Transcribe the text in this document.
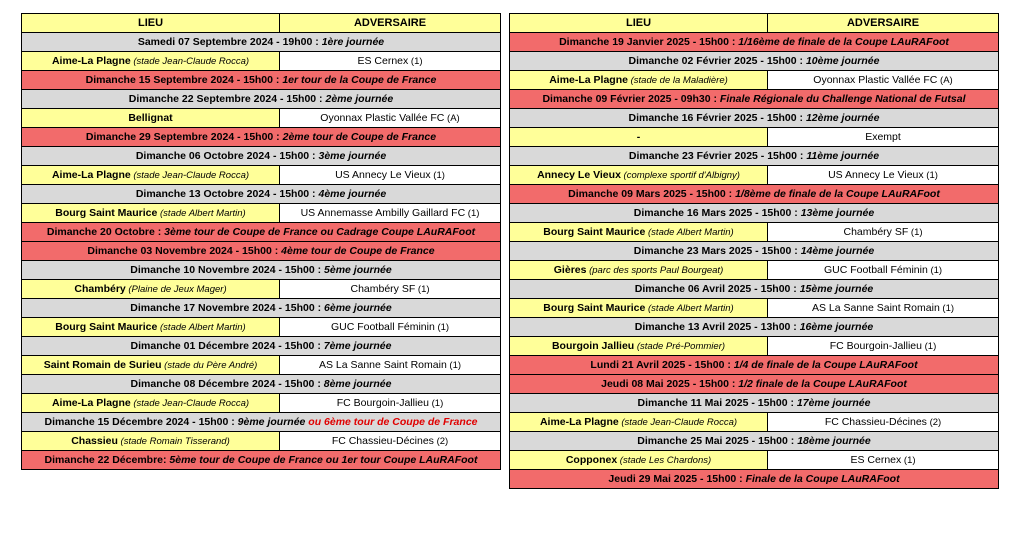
LIEU	ADVERSAIRE
Samedi 07 Septembre 2024 - 19h00 : 1ère journée	
Aime-La Plagne (stade Jean-Claude Rocca)	ES Cernex (1)
Dimanche 15 Septembre 2024 - 15h00 : 1er tour de la Coupe de France	
Dimanche 22 Septembre 2024 - 15h00 : 2ème journée	
Bellignat	Oyonnax Plastic Vallée FC (A)
Dimanche 29 Septembre 2024 - 15h00 : 2ème tour de Coupe de France	
Dimanche 06 Octobre 2024 - 15h00 : 3ème journée	
Aime-La Plagne (stade Jean-Claude Rocca)	US Annecy Le Vieux (1)
Dimanche 13 Octobre 2024 - 15h00 : 4ème journée	
Bourg Saint Maurice (stade Albert Martin)	US Annemasse Ambilly Gaillard FC (1)
Dimanche 20 Octobre : 3ème tour de Coupe de France ou Cadrage Coupe LAuRAFoot	
Dimanche 03 Novembre 2024 - 15h00 : 4ème tour de Coupe de France	
Dimanche 10 Novembre 2024 - 15h00 : 5ème journée	
Chambéry (Plaine de Jeux Mager)	Chambéry SF (1)
Dimanche 17 Novembre 2024 - 15h00 : 6ème journée	
Bourg Saint Maurice (stade Albert Martin)	GUC Football Féminin (1)
Dimanche 01 Décembre 2024 - 15h00 : 7ème journée	
Saint Romain de Surieu (stade du Père André)	AS La Sanne Saint Romain (1)
Dimanche 08 Décembre 2024 - 15h00 : 8ème journée	
Aime-La Plagne (stade Jean-Claude Rocca)	FC Bourgoin-Jallieu (1)
Dimanche 15 Décembre 2024 - 15h00 : 9ème journée ou 6ème tour de Coupe de France	
Chassieu (stade Romain Tisserand)	FC Chassieu-Décines (2)
Dimanche 22 Décembre: 5ème tour de Coupe de France ou 1er tour Coupe LAuRAFoot	
LIEU	ADVERSAIRE
Dimanche 19 Janvier 2025 - 15h00 : 1/16ème de finale de la Coupe LAuRAFoot	
Dimanche 02 Février 2025 - 15h00 : 10ème journée	
Aime-La Plagne (stade de la Maladière)	Oyonnax Plastic Vallée FC (A)
Dimanche 09 Février 2025 - 09h30 : Finale Régionale du Challenge National de Futsal	
Dimanche 16 Février 2025 - 15h00 : 12ème journée	
-	Exempt
Dimanche 23 Février 2025 - 15h00 : 11ème journée	
Annecy Le Vieux (complexe sportif d'Albigny)	US Annecy Le Vieux (1)
Dimanche 09 Mars 2025 - 15h00 : 1/8ème de finale de la Coupe LAuRAFoot	
Dimanche 16 Mars 2025 - 15h00 : 13ème journée	
Bourg Saint Maurice (stade Albert Martin)	Chambéry SF (1)
Dimanche 23 Mars 2025 - 15h00 : 14ème journée	
Gières (parc des sports Paul Bourgeat)	GUC Football Féminin (1)
Dimanche 06 Avril 2025 - 15h00 : 15ème journée	
Bourg Saint Maurice (stade Albert Martin)	AS La Sanne Saint Romain (1)
Dimanche 13 Avril 2025 - 13h00 : 16ème journée	
Bourgoin Jallieu (stade Pré-Pommier)	FC Bourgoin-Jallieu (1)
Lundi 21 Avril 2025 - 15h00 : 1/4 de finale de la Coupe LAuRAFoot	
Jeudi 08 Mai 2025 - 15h00 : 1/2 finale de la Coupe LAuRAFoot	
Dimanche 11 Mai 2025 - 15h00 : 17ème journée	
Aime-La Plagne (stade Jean-Claude Rocca)	FC Chassieu-Décines (2)
Dimanche 25 Mai 2025 - 15h00 : 18ème journée	
Copponex (stade Les Chardons)	ES Cernex (1)
Jeudi 29 Mai 2025 - 15h00 : Finale de la Coupe LAuRAFoot	
